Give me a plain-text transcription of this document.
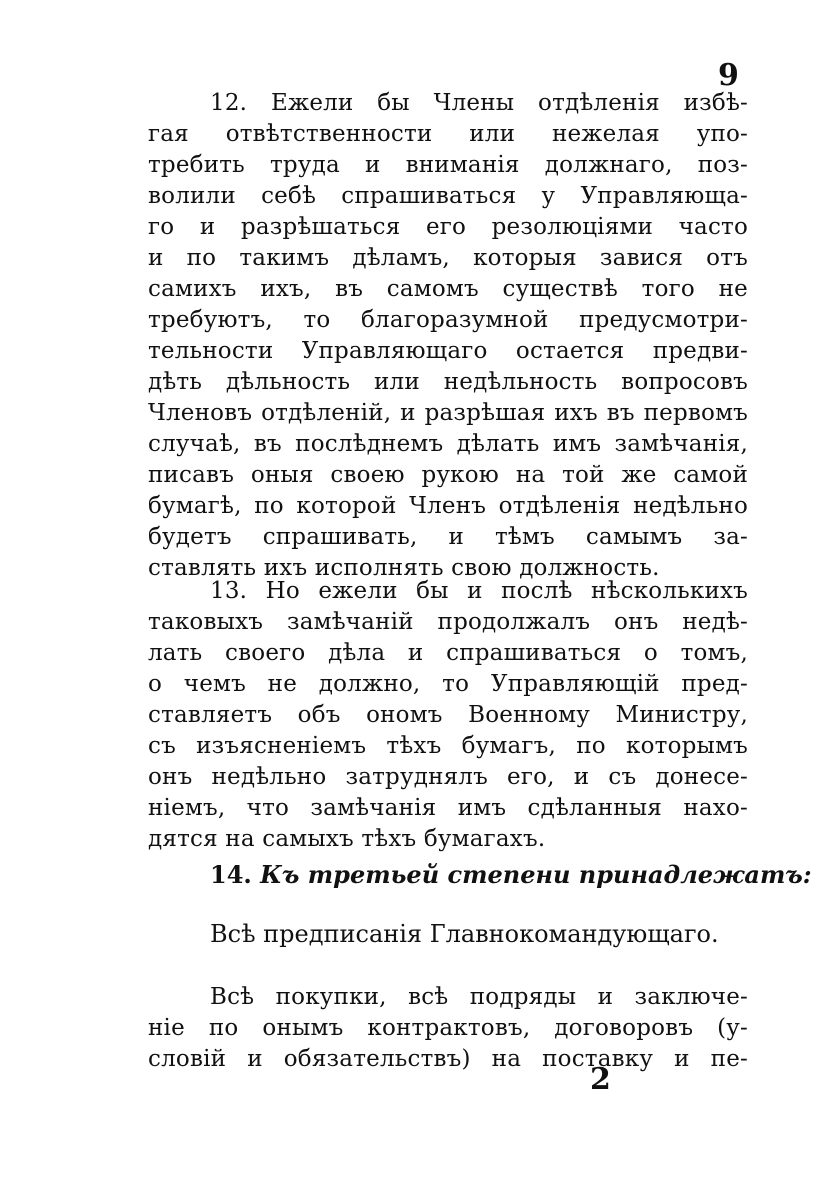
9
12. Ежели бы Члены отдѣленія избѣ-
гая отвѣтственности или нежелая упо-
требить труда и вниманія должнаго, поз-
волили себѣ спрашиваться у Управляюща-
го и разрѣшаться его резолюціями часто
и по такимъ дѣламъ, которыя завися отъ
самихъ ихъ, въ самомъ существѣ того не
требуютъ, то благоразумной предусмотри-
тельности Управляющаго остается предви-
дѣть дѣльность или недѣльность вопросовъ
Членовъ отдѣленій, и разрѣшая ихъ въ первомъ
случаѣ, въ послѣднемъ дѣлать имъ замѣчанія,
писавъ оныя своею рукою на той же самой
бумагѣ, по которой Членъ отдѣленія недѣльно
будетъ спрашивать, и тѣмъ самымъ за-
ставлять ихъ исполнять свою должность.
13. Но ежели бы и послѣ нѣсколькихъ
таковыхъ замѣчаній продолжалъ онъ недѣ-
лать своего дѣла и спрашиваться о томъ,
о чемъ не должно, то Управляющій пред-
ставляетъ объ ономъ Военному Министру,
съ изъясненіемъ тѣхъ бумагъ, по которымъ
онъ недѣльно затруднялъ его, и съ донесе-
ніемъ, что замѣчанія имъ сдѣланныя нахо-
дятся на самыхъ тѣхъ бумагахъ.
14. Къ третьей степени принадлежатъ:
Всѣ предписанія Главнокомандующаго.
Всѣ покупки, всѣ подряды и заключе-
ніе по онымъ контрактовъ, договоровъ (у-
словій и обязательствъ) на поставку и пе-
2
